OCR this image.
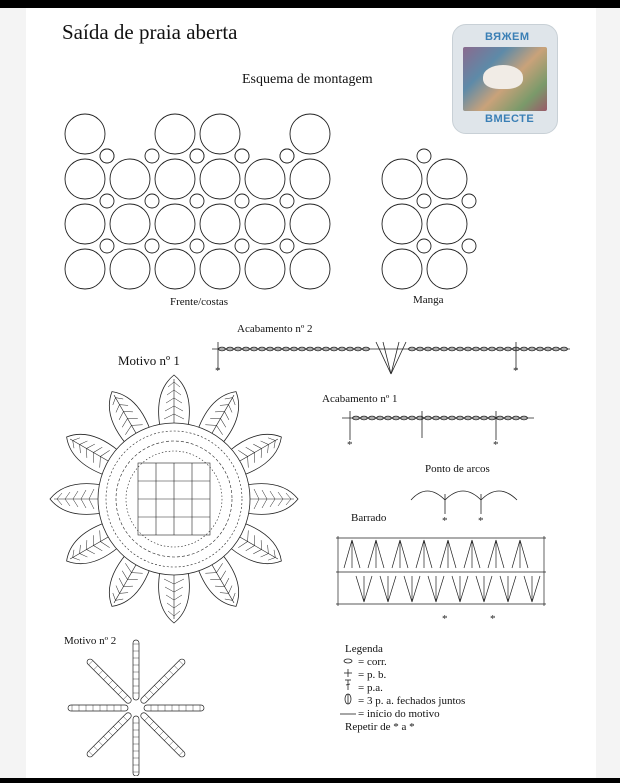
Saída de praia aberta
Esquema de montagem
ВЯЖЕМ
ВМЕСТЕ
Frente/costas	Manga
Acabamento nº 2
*	*
Motivo nº 1
Acabamento nº 1
*	*
Ponto de arcos
*	*
Barrado
*	*
Motivo nº 2
Legenda
= corr.
= p. b.
= p.a.
= 3 p. a. fechados juntos
= início do motivo
Repetir de * a *
